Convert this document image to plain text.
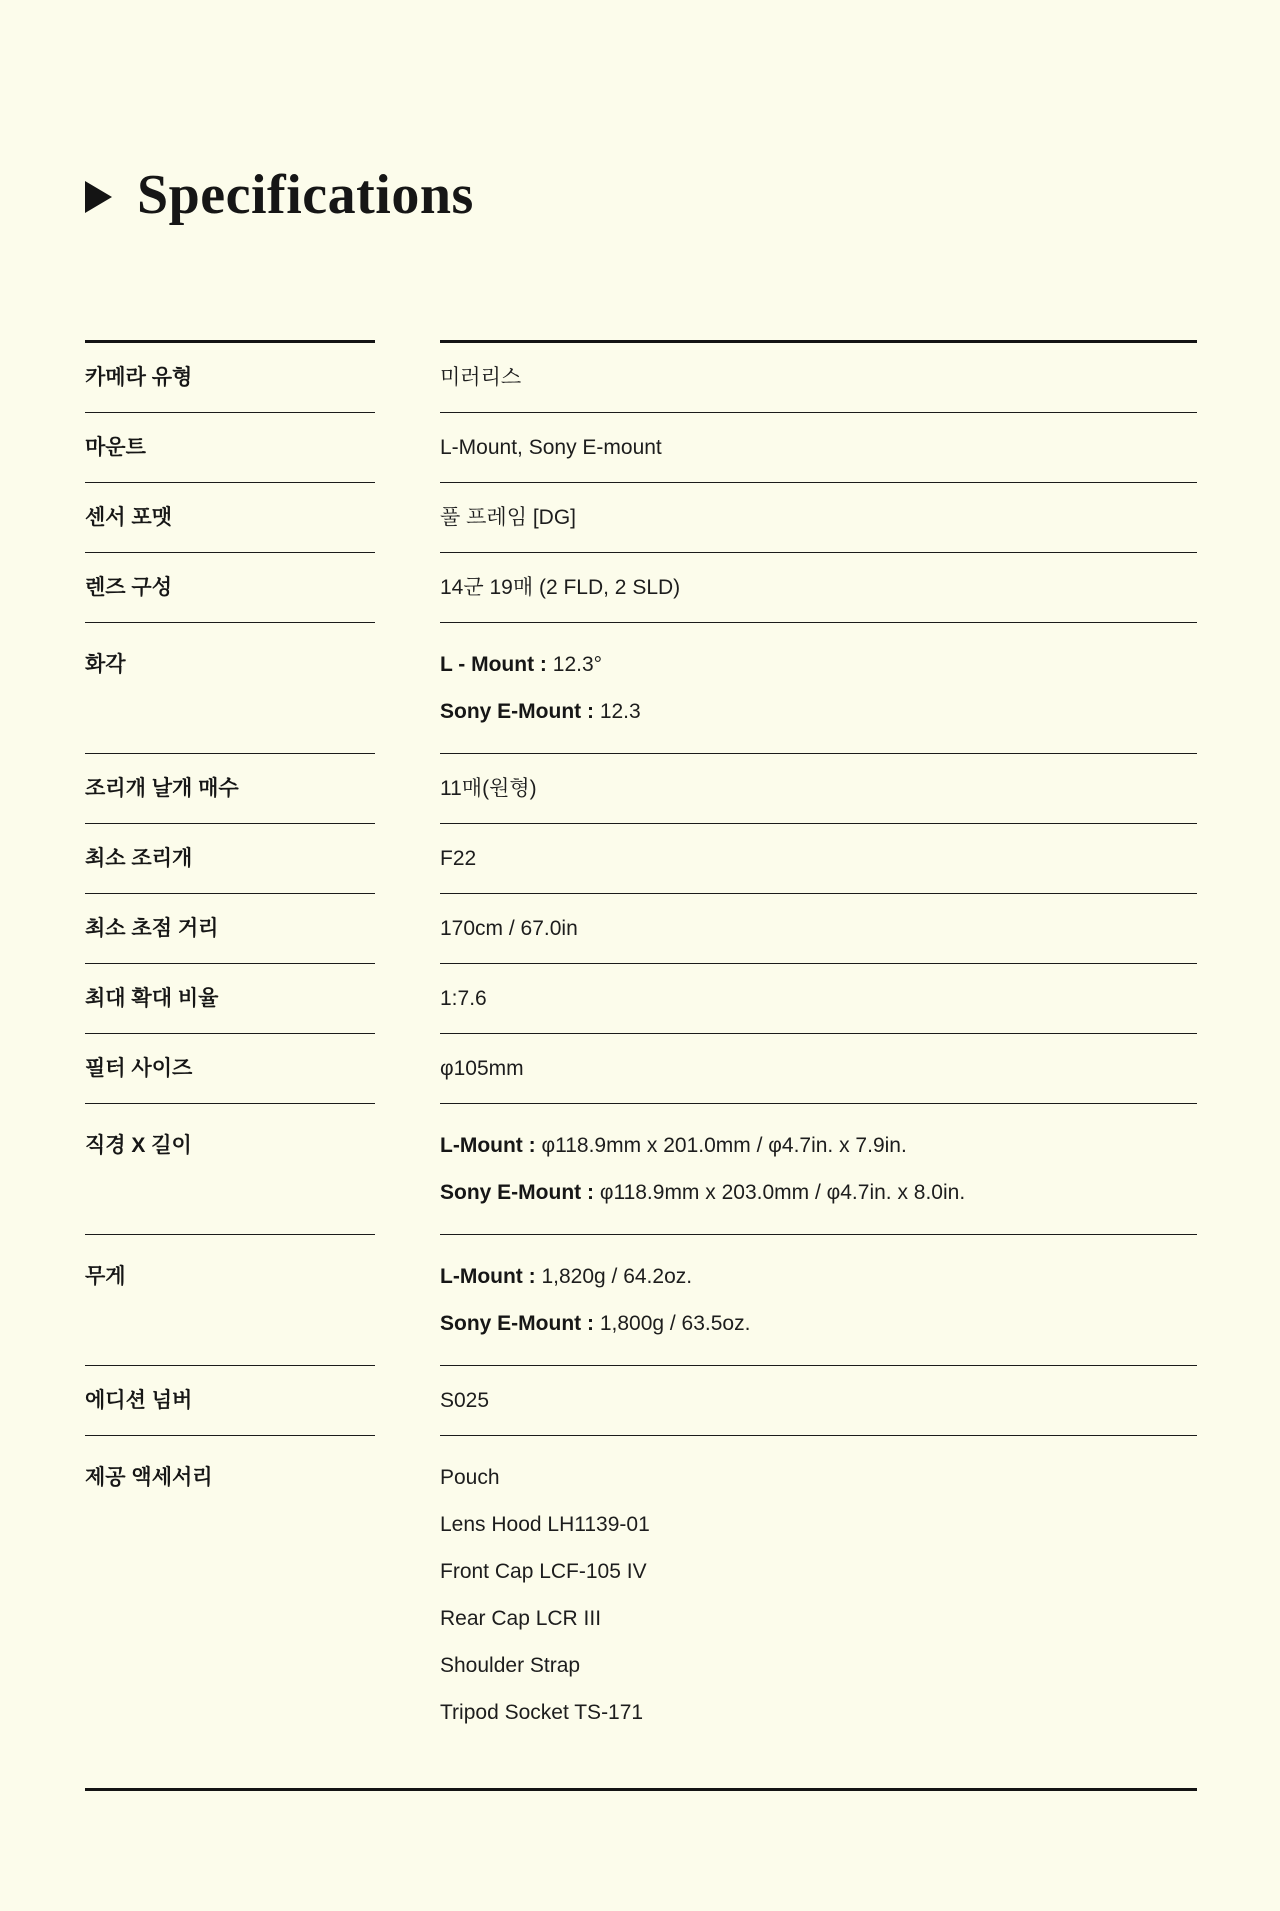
Specifications
카메라 유형	미러리스
마운트	L-Mount, Sony E-mount
센서 포맷	풀 프레임 [DG]
렌즈 구성	14군 19매 (2 FLD, 2 SLD)
화각	L - Mount : 12.3°
Sony E-Mount : 12.3
조리개 날개 매수	11매(원형)
최소 조리개	F22
최소 초점 거리	170cm / 67.0in
최대 확대 비율	1:7.6
필터 사이즈	φ105mm
직경 X 길이	L-Mount : φ118.9mm x 201.0mm / φ4.7in. x 7.9in.
Sony E-Mount : φ118.9mm x 203.0mm / φ4.7in. x 8.0in.
무게	L-Mount : 1,820g / 64.2oz.
Sony E-Mount : 1,800g / 63.5oz.
에디션 넘버	S025
제공 액세서리	Pouch
Lens Hood LH1139-01
Front Cap LCF-105 IV
Rear Cap LCR III
Shoulder Strap
Tripod Socket TS-171
